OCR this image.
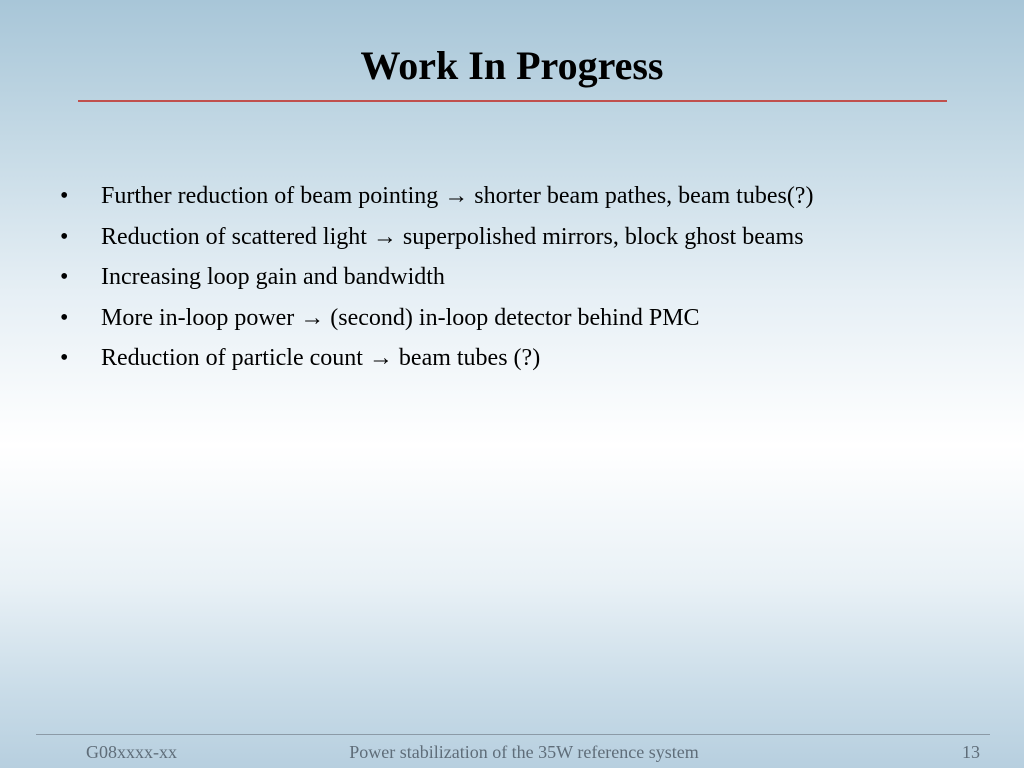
Work In Progress
• Further reduction of beam pointing → shorter beam pathes, beam tubes(?)
• Reduction of scattered light → superpolished mirrors, block ghost beams
• Increasing loop gain and bandwidth
• More in-loop power → (second) in-loop detector behind PMC
• Reduction of particle count → beam tubes (?)
G08xxxx-xx	Power stabilization of the 35W reference system	13
